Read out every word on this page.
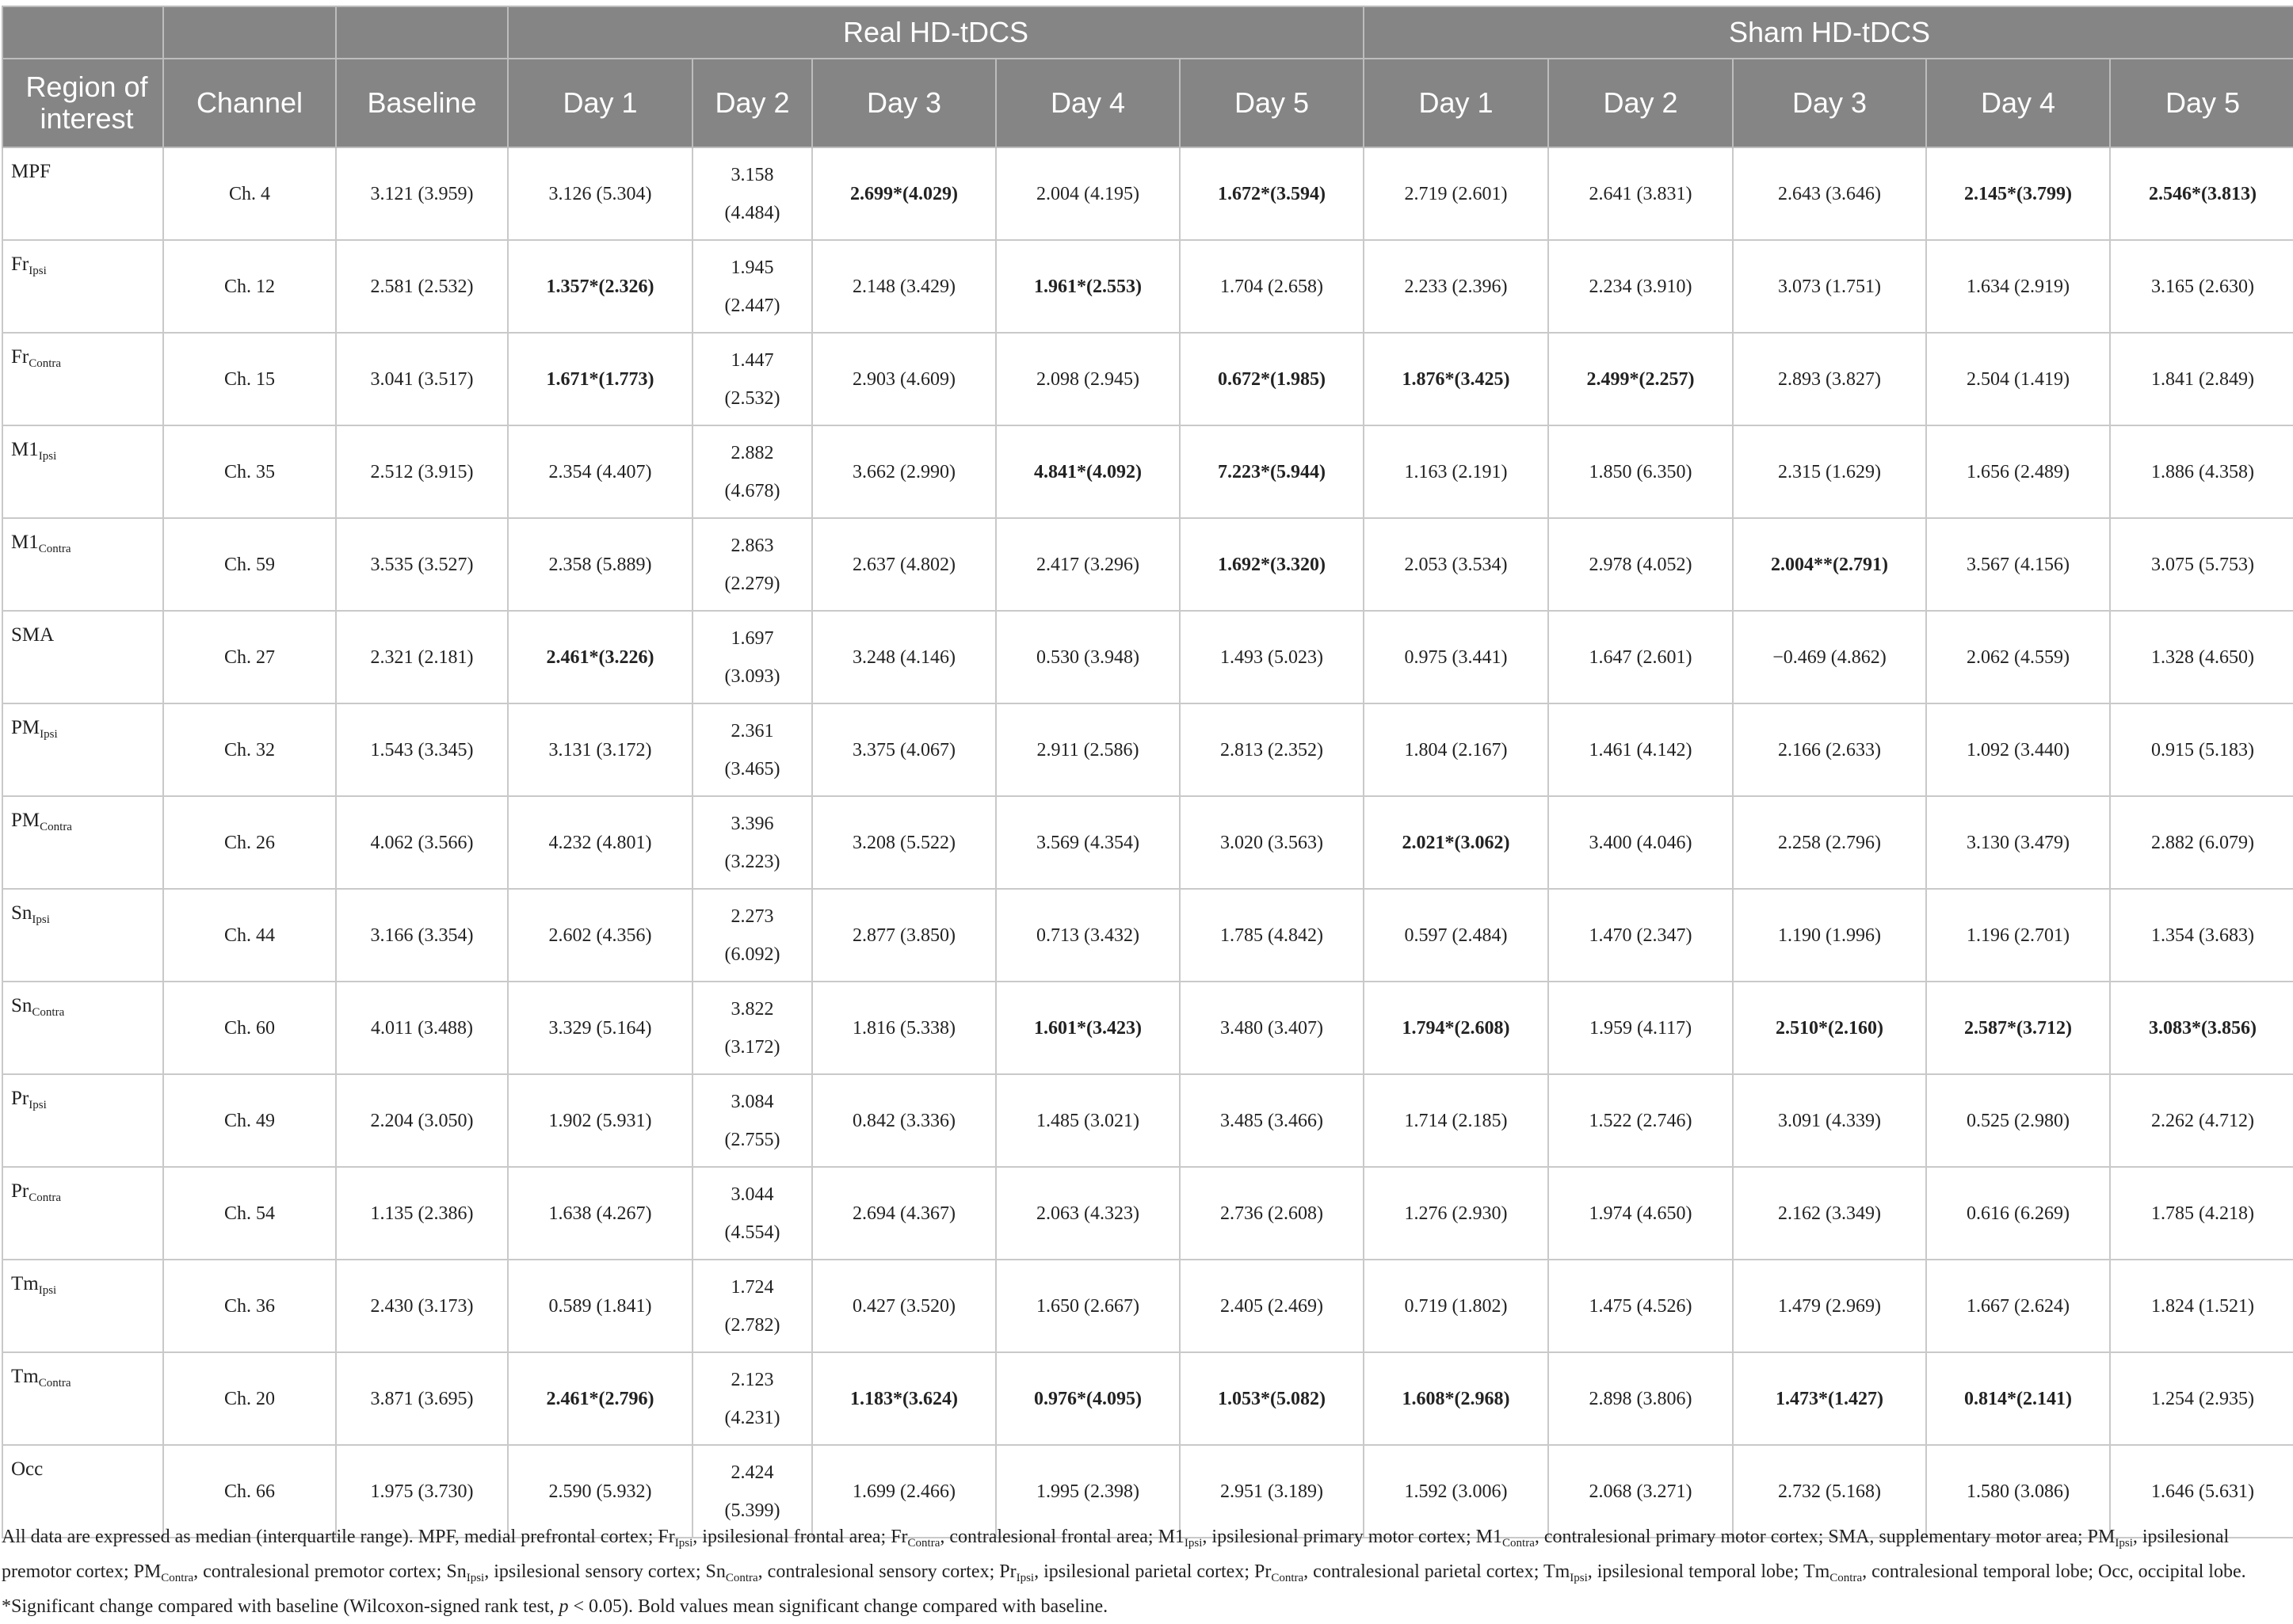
			Real HD-tDCS					Sham HD-tDCS				
Region of interest	Channel	Baseline	Day 1	Day 2	Day 3	Day 4	Day 5	Day 1	Day 2	Day 3	Day 4	Day 5
MPF	Ch. 4	3.121 (3.959)	3.126 (5.304)	3.158 (4.484)	2.699*(4.029)	2.004 (4.195)	1.672*(3.594)	2.719 (2.601)	2.641 (3.831)	2.643 (3.646)	2.145*(3.799)	2.546*(3.813)
$Fr_{Ipsi}$	Ch. 12	2.581 (2.532)	1.357*(2.326)	1.945 (2.447)	2.148 (3.429)	1.961*(2.553)	1.704 (2.658)	2.233 (2.396)	2.234 (3.910)	3.073 (1.751)	1.634 (2.919)	3.165 (2.630)
$Fr_{Contra}$	Ch. 15	3.041 (3.517)	1.671*(1.773)	1.447 (2.532)	2.903 (4.609)	2.098 (2.945)	0.672*(1.985)	1.876*(3.425)	2.499*(2.257)	2.893 (3.827)	2.504 (1.419)	1.841 (2.849)
$M1_{Ipsi}$	Ch. 35	2.512 (3.915)	2.354 (4.407)	2.882 (4.678)	3.662 (2.990)	4.841*(4.092)	7.223*(5.944)	1.163 (2.191)	1.850 (6.350)	2.315 (1.629)	1.656 (2.489)	1.886 (4.358)
$M1_{Contra}$	Ch. 59	3.535 (3.527)	2.358 (5.889)	2.863 (2.279)	2.637 (4.802)	2.417 (3.296)	1.692*(3.320)	2.053 (3.534)	2.978 (4.052)	2.004**(2.791)	3.567 (4.156)	3.075 (5.753)
SMA	Ch. 27	2.321 (2.181)	2.461*(3.226)	1.697 (3.093)	3.248 (4.146)	0.530 (3.948)	1.493 (5.023)	0.975 (3.441)	1.647 (2.601)	−0.469 (4.862)	2.062 (4.559)	1.328 (4.650)
$PM_{Ipsi}$	Ch. 32	1.543 (3.345)	3.131 (3.172)	2.361 (3.465)	3.375 (4.067)	2.911 (2.586)	2.813 (2.352)	1.804 (2.167)	1.461 (4.142)	2.166 (2.633)	1.092 (3.440)	0.915 (5.183)
$PM_{Contra}$	Ch. 26	4.062 (3.566)	4.232 (4.801)	3.396 (3.223)	3.208 (5.522)	3.569 (4.354)	3.020 (3.563)	2.021*(3.062)	3.400 (4.046)	2.258 (2.796)	3.130 (3.479)	2.882 (6.079)
$Sn_{Ipsi}$	Ch. 44	3.166 (3.354)	2.602 (4.356)	2.273 (6.092)	2.877 (3.850)	0.713 (3.432)	1.785 (4.842)	0.597 (2.484)	1.470 (2.347)	1.190 (1.996)	1.196 (2.701)	1.354 (3.683)
$Sn_{Contra}$	Ch. 60	4.011 (3.488)	3.329 (5.164)	3.822 (3.172)	1.816 (5.338)	1.601*(3.423)	3.480 (3.407)	1.794*(2.608)	1.959 (4.117)	2.510*(2.160)	2.587*(3.712)	3.083*(3.856)
$Pr_{Ipsi}$	Ch. 49	2.204 (3.050)	1.902 (5.931)	3.084 (2.755)	0.842 (3.336)	1.485 (3.021)	3.485 (3.466)	1.714 (2.185)	1.522 (2.746)	3.091 (4.339)	0.525 (2.980)	2.262 (4.712)
$Pr_{Contra}$	Ch. 54	1.135 (2.386)	1.638 (4.267)	3.044 (4.554)	2.694 (4.367)	2.063 (4.323)	2.736 (2.608)	1.276 (2.930)	1.974 (4.650)	2.162 (3.349)	0.616 (6.269)	1.785 (4.218)
$Tm_{Ipsi}$	Ch. 36	2.430 (3.173)	0.589 (1.841)	1.724 (2.782)	0.427 (3.520)	1.650 (2.667)	2.405 (2.469)	0.719 (1.802)	1.475 (4.526)	1.479 (2.969)	1.667 (2.624)	1.824 (1.521)
$Tm_{Contra}$	Ch. 20	3.871 (3.695)	2.461*(2.796)	2.123 (4.231)	1.183*(3.624)	0.976*(4.095)	1.053*(5.082)	1.608*(2.968)	2.898 (3.806)	1.473*(1.427)	0.814*(2.141)	1.254 (2.935)
Occ	Ch. 66	1.975 (3.730)	2.590 (5.932)	2.424 (5.399)	1.699 (2.466)	1.995 (2.398)	2.951 (3.189)	1.592 (3.006)	2.068 (3.271)	2.732 (5.168)	1.580 (3.086)	1.646 (5.631)
All data are expressed as median (interquartile range). MPF, medial prefrontal cortex; $Fr_{Ipsi}$, ipsilesional frontal area; $Fr_{Contra}$, contralesional frontal area; $M1_{Ipsi}$, ipsilesional primary motor cortex; $M1_{Contra}$, contralesional primary motor cortex; SMA, supplementary motor area; $PM_{Ipsi}$, ipsilesional premotor cortex; $PM_{Contra}$, contralesional premotor cortex; $Sn_{Ipsi}$, ipsilesional sensory cortex; $Sn_{Contra}$, contralesional sensory cortex; $Pr_{Ipsi}$, ipsilesional parietal cortex; $Pr_{Contra}$, contralesional parietal cortex; $Tm_{Ipsi}$, ipsilesional temporal lobe; $Tm_{Contra}$, contralesional temporal lobe; Occ, occipital lobe. *Significant change compared with baseline (Wilcoxon-signed rank test, p < 0.05). Bold values mean significant change compared with baseline.
